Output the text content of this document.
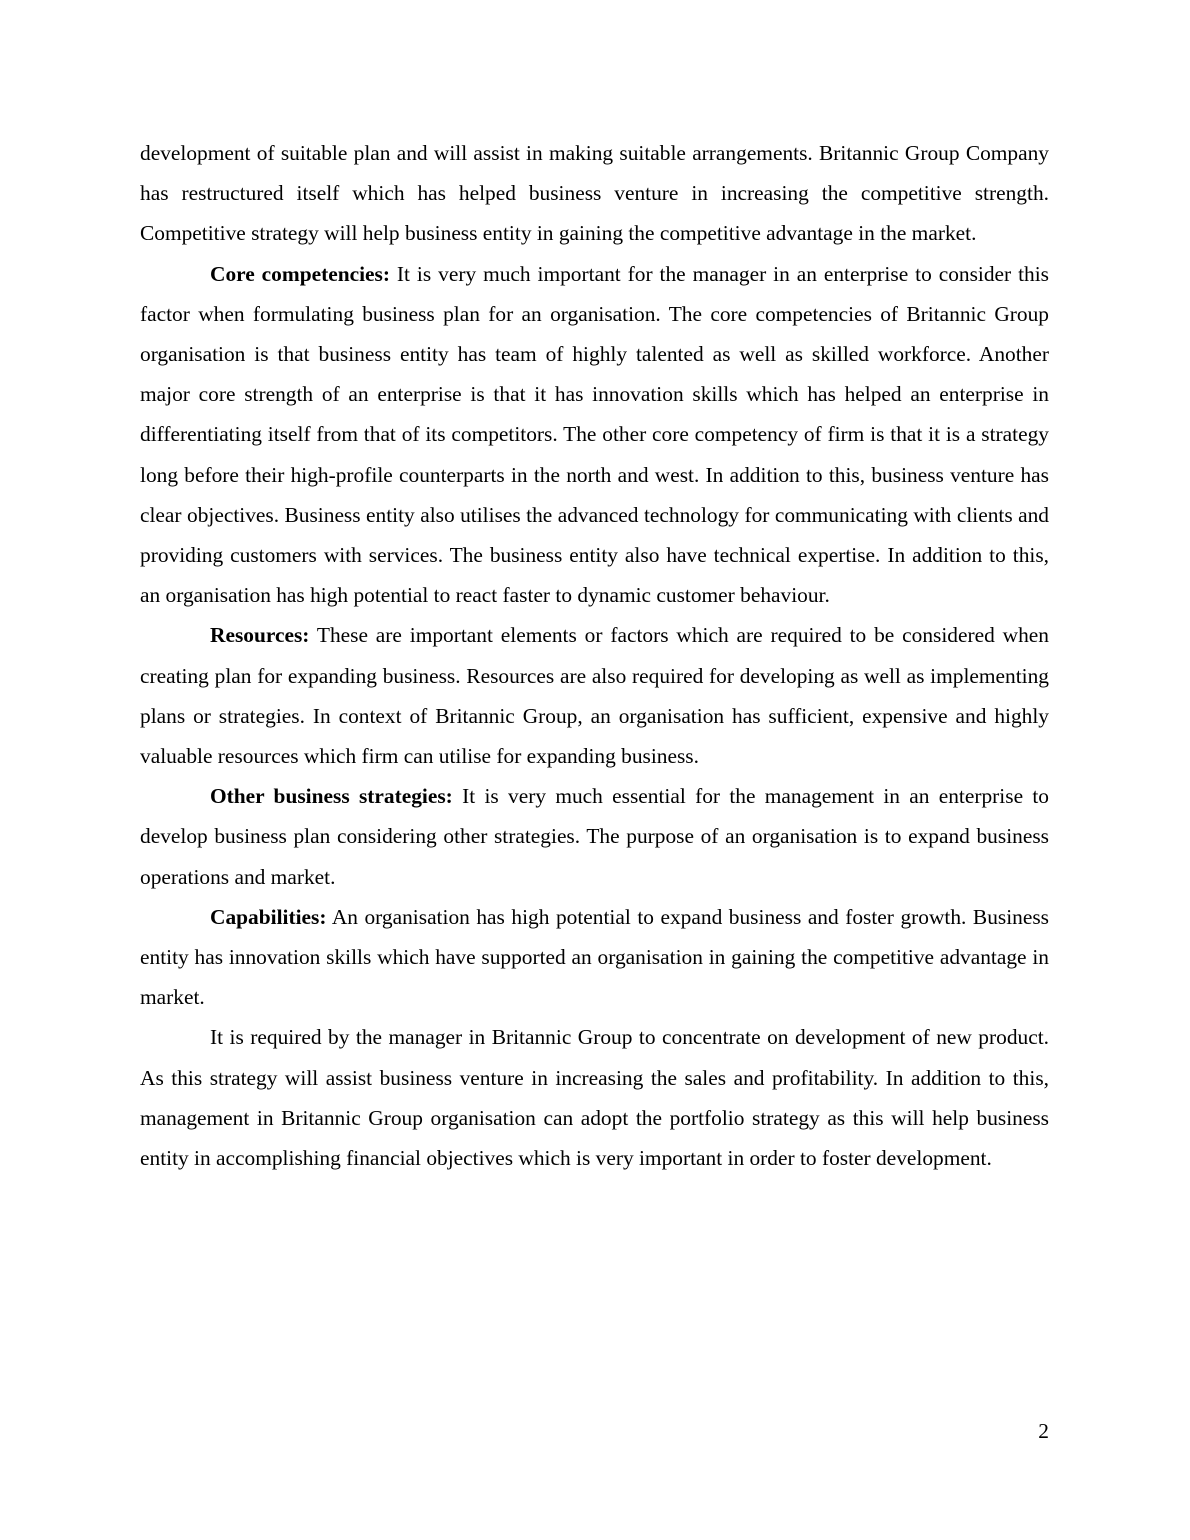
development of suitable plan and will assist in making suitable arrangements. Britannic Group Company has restructured itself which has helped business venture in increasing the competitive strength. Competitive strategy will help business entity in gaining the competitive advantage in the market.

Core competencies: It is very much important for the manager in an enterprise to consider this factor when formulating business plan for an organisation. The core competencies of Britannic Group organisation is that business entity has team of highly talented as well as skilled workforce. Another major core strength of an enterprise is that it has innovation skills which has helped an enterprise in differentiating itself from that of its competitors. The other core competency of firm is that it is a strategy long before their high-profile counterparts in the north and west. In addition to this, business venture has clear objectives. Business entity also utilises the advanced technology for communicating with clients and providing customers with services. The business entity also have technical expertise. In addition to this, an organisation has high potential to react faster to dynamic customer behaviour.

Resources: These are important elements or factors which are required to be considered when creating plan for expanding business. Resources are also required for developing as well as implementing plans or strategies. In context of Britannic Group, an organisation has sufficient, expensive and highly valuable resources which firm can utilise for expanding business.

Other business strategies: It is very much essential for the management in an enterprise to develop business plan considering other strategies. The purpose of an organisation is to expand business operations and market.

Capabilities: An organisation has high potential to expand business and foster growth. Business entity has innovation skills which have supported an organisation in gaining the competitive advantage in market.

It is required by the manager in Britannic Group to concentrate on development of new product. As this strategy will assist business venture in increasing the sales and profitability. In addition to this, management in Britannic Group organisation can adopt the portfolio strategy as this will help business entity in accomplishing financial objectives which is very important in order to foster development.

2
